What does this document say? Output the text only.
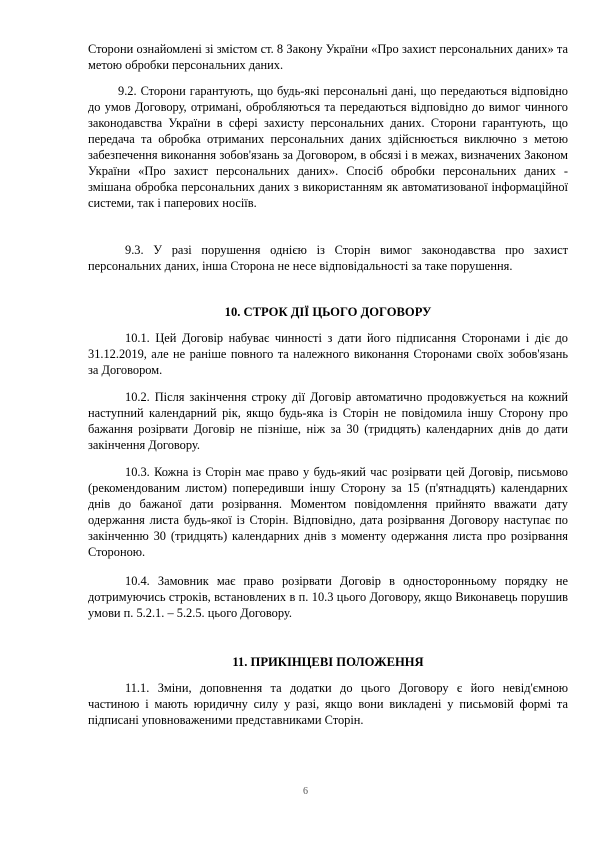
Сторони ознайомлені зі змістом ст. 8 Закону України «Про захист персональних даних» та метою обробки персональних даних.

9.2. Сторони гарантують, що будь-які персональні дані, що передаються відповідно до умов Договору, отримані, обробляються та передаються відповідно до вимог чинного законодавства України в сфері захисту персональних даних. Сторони гарантують, що передача та обробка отриманих персональних даних здійснюється виключно з метою забезпечення виконання зобов'язань за Договором, в обсязі і в межах, визначених Законом України «Про захист персональних даних». Спосіб обробки персональних даних - змішана обробка персональних даних з використанням як автоматизованої інформаційної системи, так і паперових носіїв.

9.3. У разі порушення однією із Сторін вимог законодавства про захист персональних даних, інша Сторона не несе відповідальності за таке порушення.

10. СТРОК ДІЇ ЦЬОГО ДОГОВОРУ

10.1. Цей Договір набуває чинності з дати його підписання Сторонами і діє до 31.12.2019, але не раніше повного та належного виконання Сторонами своїх зобов'язань за Договором.

10.2. Після закінчення строку дії Договір автоматично продовжується на кожний наступний календарний рік, якщо будь-яка із Сторін не повідомила іншу Сторону про бажання розірвати Договір не пізніше, ніж за 30 (тридцять) календарних днів до дати закінчення Договору.

10.3. Кожна із Сторін має право у будь-який час розірвати цей Договір, письмово (рекомендованим листом) попередивши іншу Сторону за 15 (п'ятнадцять) календарних днів до бажаної дати розірвання. Моментом повідомлення прийнято вважати дату одержання листа будь-якої із Сторін. Відповідно, дата розірвання Договору наступає по закінченню 30 (тридцять) календарних днів з моменту одержання листа про розірвання Стороною.

10.4. Замовник має право розірвати Договір в односторонньому порядку не дотримуючись строків, встановлених в п. 10.3 цього Договору, якщо Виконавець порушив умови п. 5.2.1. – 5.2.5. цього Договору.

11. ПРИКІНЦЕВІ ПОЛОЖЕННЯ

11.1. Зміни, доповнення та додатки до цього Договору є його невід'ємною частиною і мають юридичну силу у разі, якщо вони викладені у письмовій формі та підписані уповноваженими представниками Сторін.

6
